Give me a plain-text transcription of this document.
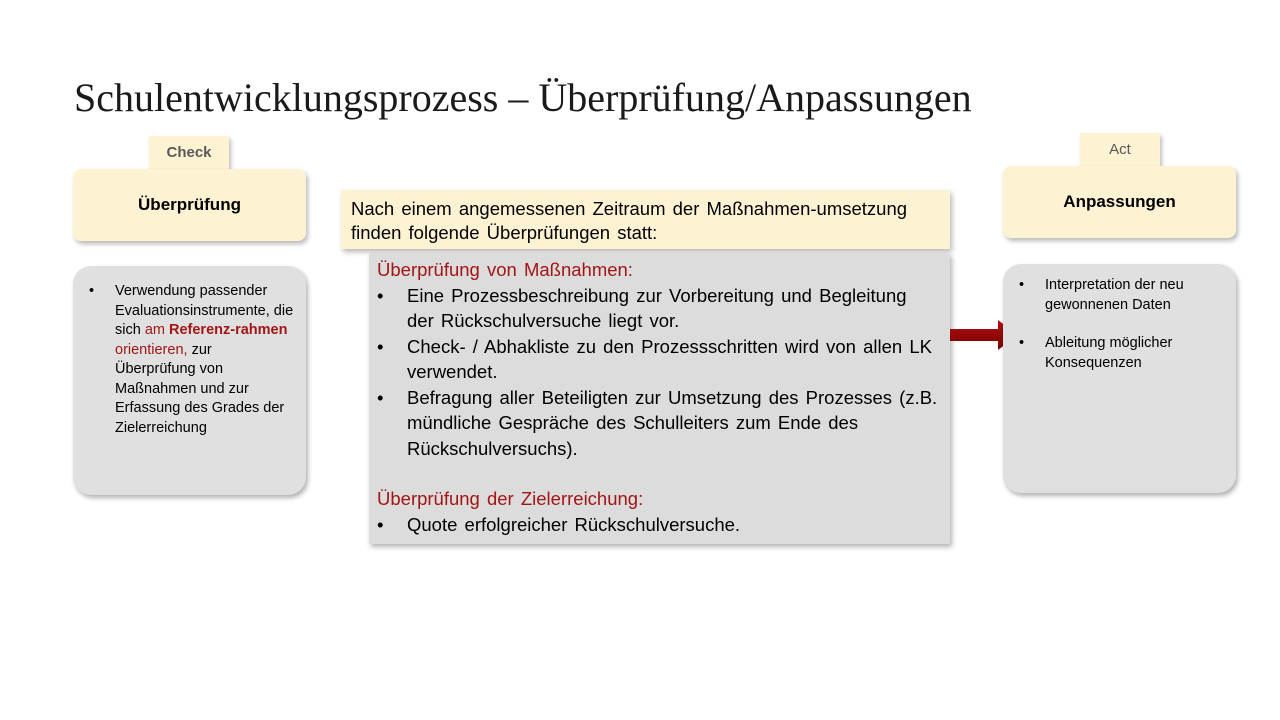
Schulentwicklungsprozess – Überprüfung/Anpassungen
Check
Überprüfung
• Verwendung passender Evaluationsinstrumente, die sich am Referenz-rahmen orientieren, zur Überprüfung von Maßnahmen und zur Erfassung des Grades der Zielerreichung
Nach einem angemessenen Zeitraum der Maßnahmen-umsetzung finden folgende Überprüfungen statt:
Überprüfung von Maßnahmen:
• Eine Prozessbeschreibung zur Vorbereitung und Begleitung der Rückschulversuche liegt vor.
• Check- / Abhakliste zu den Prozessschritten wird von allen LK verwendet.
• Befragung aller Beteiligten zur Umsetzung des Prozesses (z.B. mündliche Gespräche des Schulleiters zum Ende des Rückschulversuchs).
Überprüfung der Zielerreichung:
• Quote erfolgreicher Rückschulversuche.
Act
Anpassungen
• Interpretation der neu gewonnenen Daten
• Ableitung möglicher Konsequenzen
